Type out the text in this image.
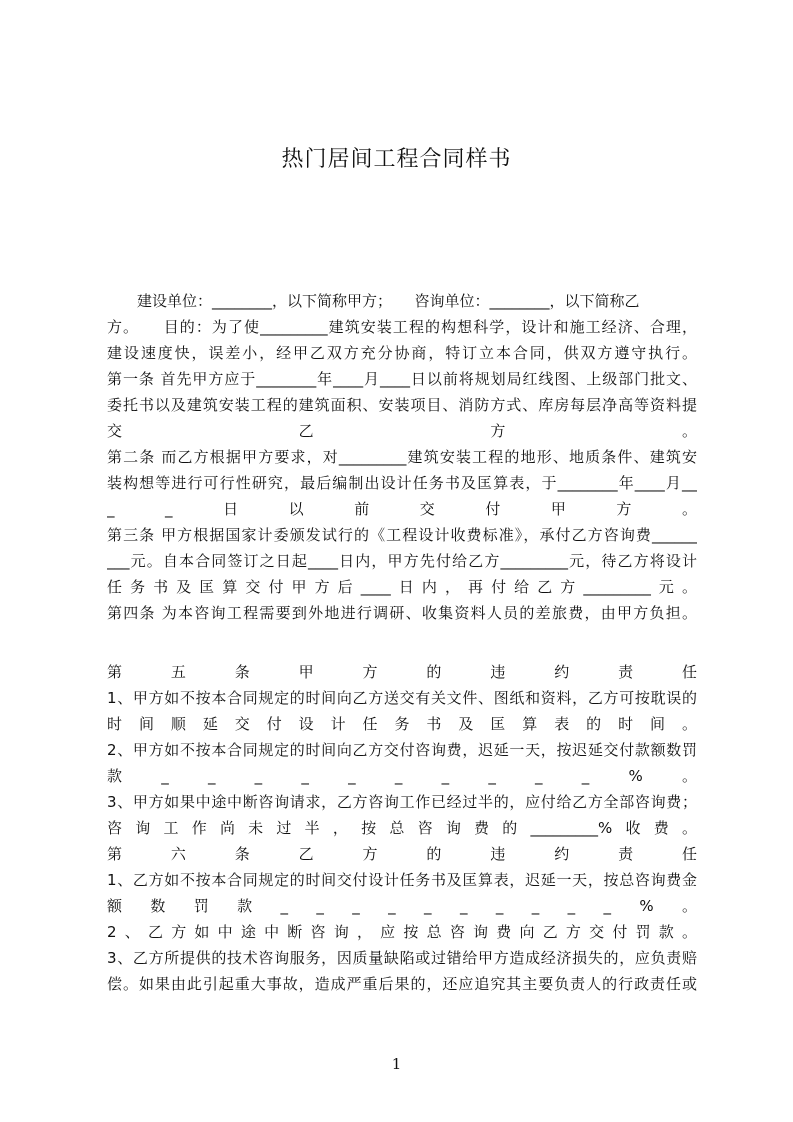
热门居间工程合同样书
　　建设单位：________，以下简称甲方；　　咨询单位：________，以下简称乙
方。　　目的：为了使_________建筑安装工程的构想科学，设计和施工经济、合理，
建设速度快，误差小，经甲乙双方充分协商，特订立本合同，供双方遵守执行。
第一条 首先甲方应于________年____月____日以前将规划局红线图、上级部门批文、
委托书以及建筑安装工程的建筑面积、安装项目、消防方式、库房每层净高等资料提
交　乙　方　。
第二条 而乙方根据甲方要求，对_________建筑安装工程的地形、地质条件、建筑安
装构想等进行可行性研究，最后编制出设计任务书及匡算表，于________年____月__
_　_　日　以　前　交　付　甲　方　。
第三条 甲方根据国家计委颁发试行的《工程设计收费标准》，承付乙方咨询费______
___元。自本合同签订之日起____日内，甲方先付给乙方_________元，待乙方将设计
任务书及匡算交付甲方后____日内，再付给乙方_________元。
第四条 为本咨询工程需要到外地进行调研、收集资料人员的差旅费，由甲方负担。
第　五　条　甲　方　的　违　约　责　任
1、甲方如不按本合同规定的时间向乙方送交有关文件、图纸和资料，乙方可按耽误的
时间顺延交付设计任务书及匡算表的时间。
2、甲方如不按本合同规定的时间向乙方交付咨询费，迟延一天，按迟延交付款额数罚
款　_　_　_　_　_　_　_　_　_　_　%　。
3、甲方如果中途中断咨询请求，乙方咨询工作已经过半的，应付给乙方全部咨询费；
咨询工作尚未过半，按总咨询费的_________%收费。
第　六　条　乙　方　的　违　约　责　任
1、乙方如不按本合同规定的时间交付设计任务书及匡算表，迟延一天，按总咨询费金
额　数　罚　款　_　_　_　_　_　_　_　_　_　_　%　。
2、乙方如中途中断咨询，应按总咨询费向乙方交付罚款。
3、乙方所提供的技术咨询服务，因质量缺陷或过错给甲方造成经济损失的，应负责赔
偿。如果由此引起重大事故，造成严重后果的，还应追究其主要负责人的行政责任或
1
